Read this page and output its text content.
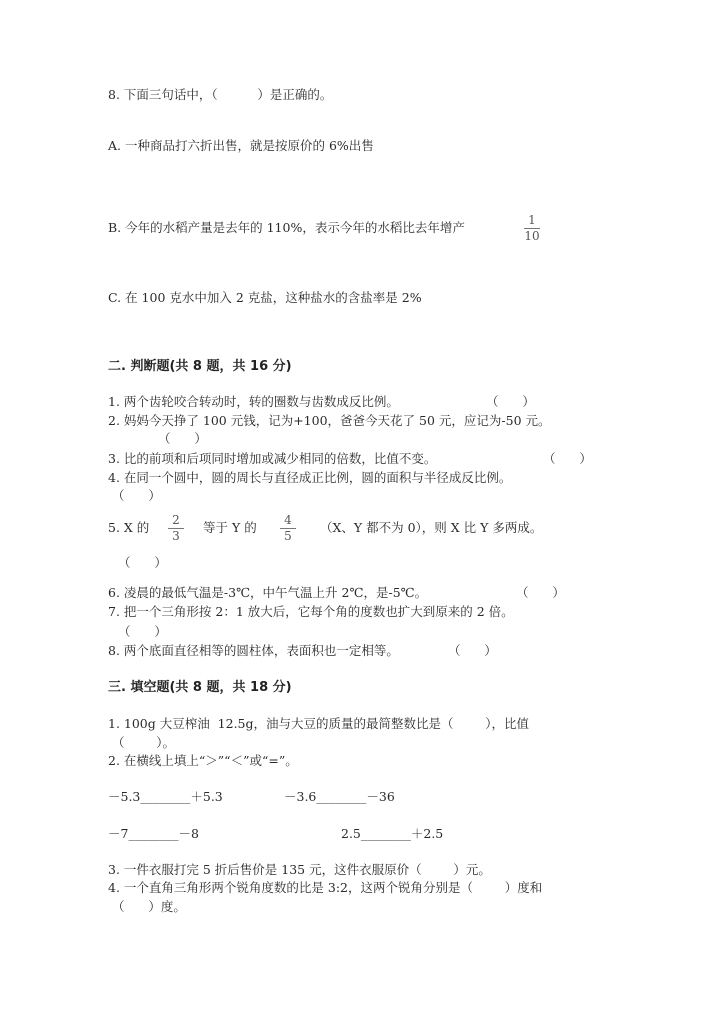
8. 下面三句话中，（          ）是正确的。
A. 一种商品打六折出售，就是按原价的 6%出售
B. 今年的水稻产量是去年的 110%，表示今年的水稻比去年增产	1
10
C. 在 100 克水中加入 2 克盐，这种盐水的含盐率是 2%
二. 判断题(共 8 题，共 16 分)
1. 两个齿轮咬合转动时，转的圈数与齿数成反比例。	（      ）
2. 妈妈今天挣了 100 元钱，记为+100，爸爸今天花了 50 元，应记为-50 元。
（      ）
3. 比的前项和后项同时增加或减少相同的倍数，比值不变。	（      ）
4. 在同一个圆中，圆的周长与直径成正比例，圆的面积与半径成反比例。
（      ）
5. X 的 2
3
等于 Y 的 4
5
（X、Y 都不为 0），则 X 比 Y 多两成。
（      ）
6. 凌晨的最低气温是-3℃，中午气温上升 2℃，是-5℃。	（      ）
7. 把一个三角形按 2：1 放大后，它每个角的度数也扩大到原来的 2 倍。
（      ）
8. 两个底面直径相等的圆柱体，表面积也一定相等。	（      ）
三. 填空题(共 8 题，共 18 分)
1. 100g 大豆榨油  12.5g，油与大豆的质量的最简整数比是（        ），比值
（        ）。
2. 在横线上填上“＞”“＜”或“=”。
－5.3________＋5.3	－3.6________－36
－7________－8	2.5________＋2.5
3. 一件衣服打完 5 折后售价是 135 元，这件衣服原价（        ）元。
4. 一个直角三角形两个锐角度数的比是 3:2，这两个锐角分别是（        ）度和
（      ）度。
